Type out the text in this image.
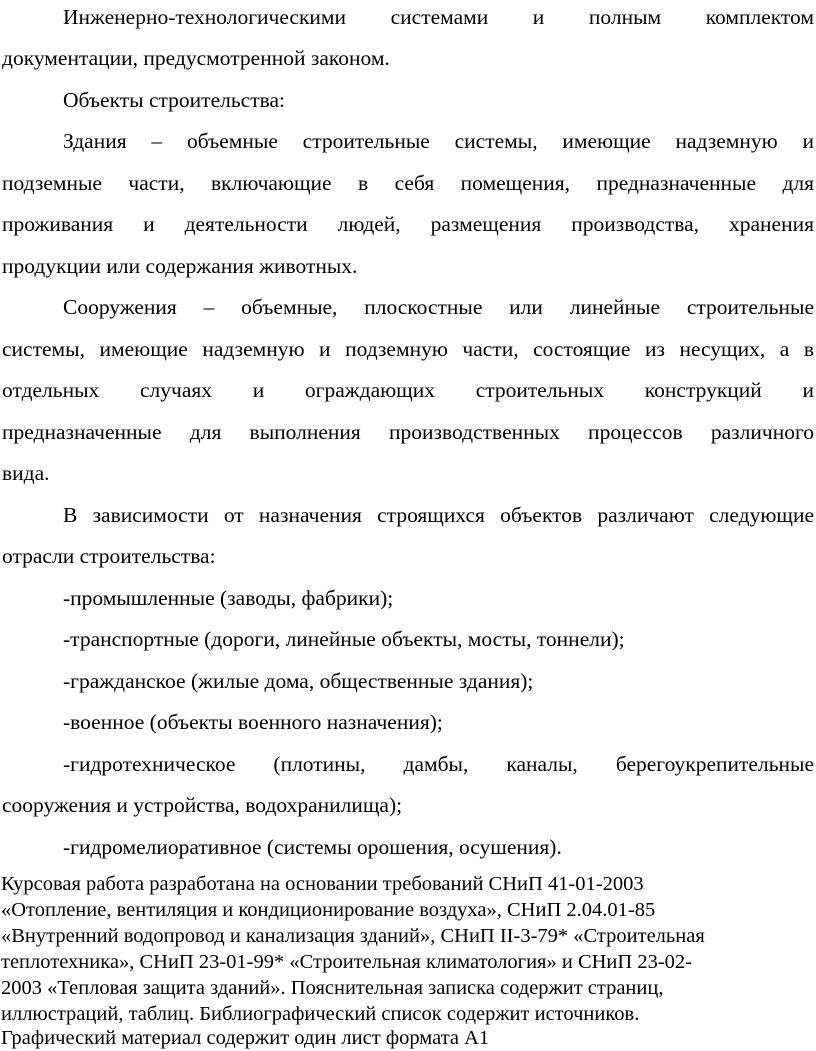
Инженерно-технологическими системами и полным комплектом
документации, предусмотренной законом.
Объекты строительства:
Здания – объемные строительные системы, имеющие надземную и
подземные части, включающие в себя помещения, предназначенные для
проживания и деятельности людей, размещения производства, хранения
продукции или содержания животных.
Сооружения – объемные, плоскостные или линейные строительные
системы, имеющие надземную и подземную части, состоящие из несущих, а в
отдельных случаях и ограждающих строительных конструкций и
предназначенные для выполнения производственных процессов различного
вида.
В зависимости от назначения строящихся объектов различают следующие
отрасли строительства:
-промышленные (заводы, фабрики);
-транспортные (дороги, линейные объекты, мосты, тоннели);
-гражданское (жилые дома, общественные здания);
-военное (объекты военного назначения);
-гидротехническое (плотины, дамбы, каналы, берегоукрепительные
сооружения и устройства, водохранилища);
-гидромелиоративное (системы орошения, осушения).
Курсовая работа разработана на основании требований СНиП 41-01-2003
«Отопление, вентиляция и кондиционирование воздуха», СНиП 2.04.01-85
«Внутренний водопровод и канализация зданий», СНиП II-3-79* «Строительная
теплотехника», СНиП 23-01-99* «Строительная климатология» и СНиП 23-02-
2003 «Тепловая защита зданий». Пояснительная записка содержит страниц,
иллюстраций, таблиц. Библиографический список содержит источников.
Графический материал содержит один лист формата А1
